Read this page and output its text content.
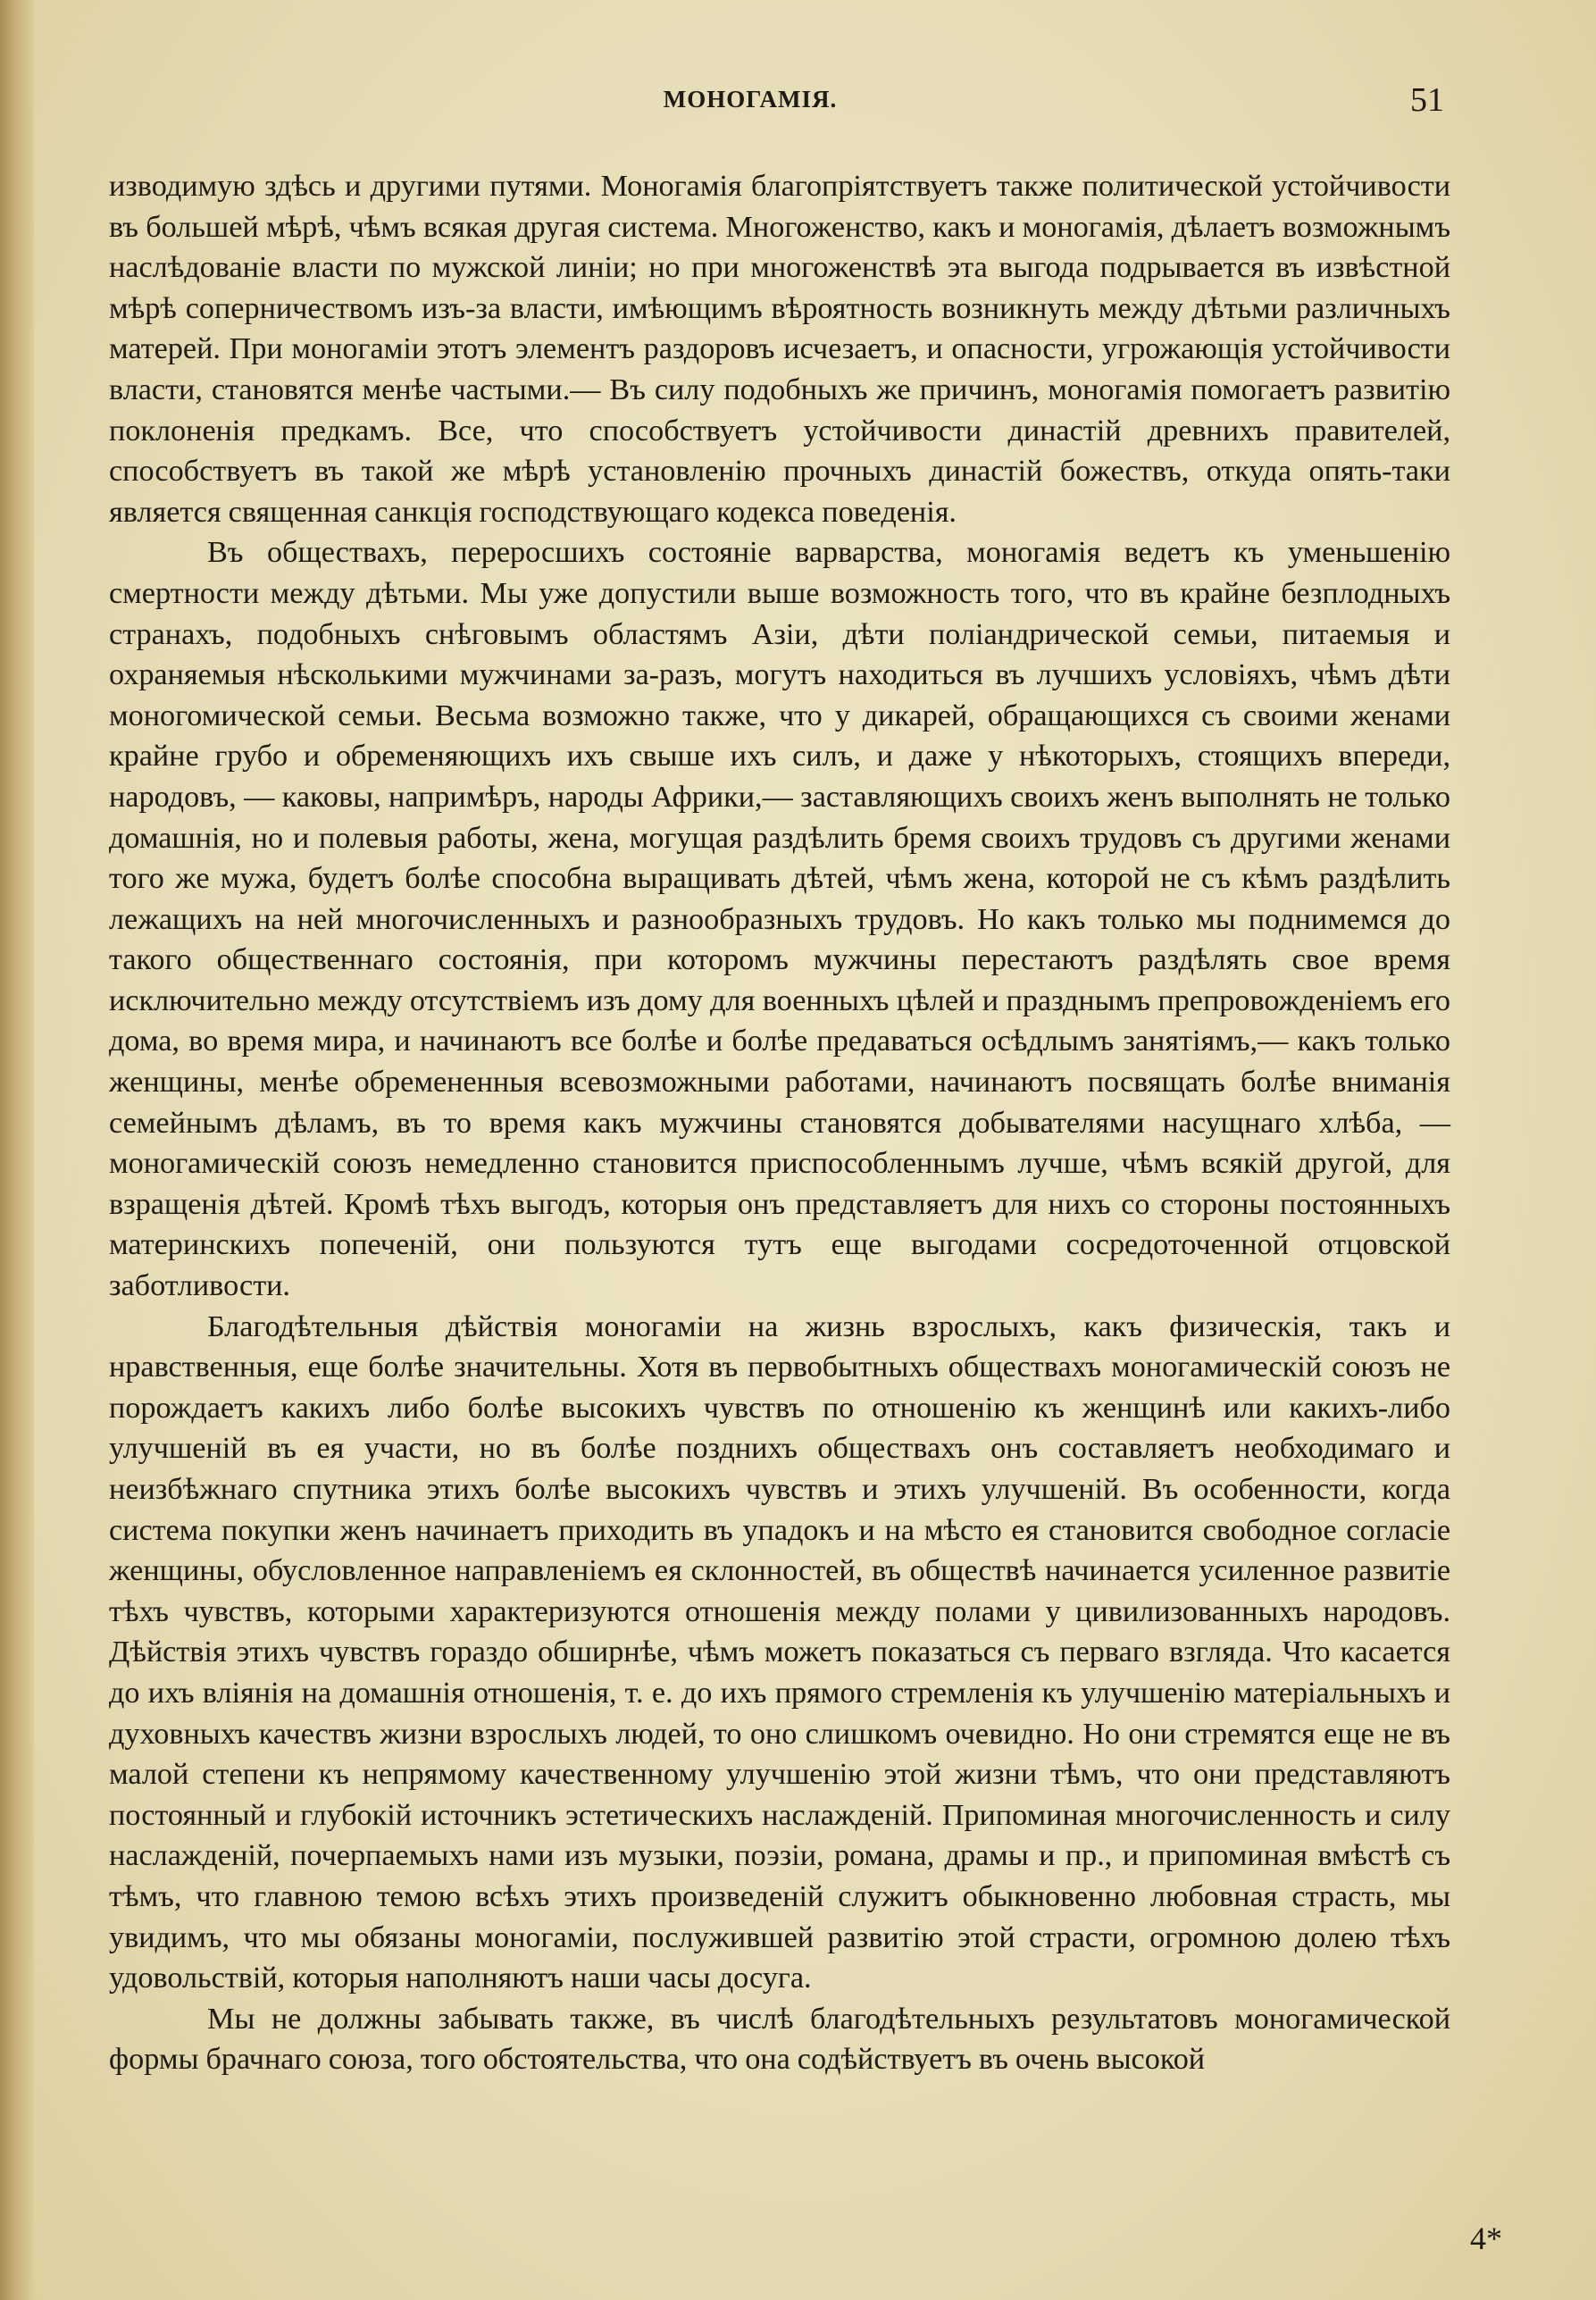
МОНОГАМІЯ.	51

изводимую здѣсь и другими путями. Моногамія благопріятствуетъ также политической устойчивости въ большей мѣрѣ, чѣмъ всякая другая система. Многоженство, какъ и моногамія, дѣлаетъ возможнымъ наслѣдованіе власти по мужской линіи; но при многоженствѣ эта выгода подрывается въ извѣстной мѣрѣ соперничествомъ изъ-за власти, имѣющимъ вѣроятность возникнуть между дѣтьми различныхъ матерей. При моногаміи этотъ элементъ раздоровъ исчезаетъ, и опасности, угрожающія устойчивости власти, становятся менѣе частыми.— Въ силу подобныхъ же причинъ, моногамія помогаетъ развитію поклоненія предкамъ. Все, что способствуетъ устойчивости династій древнихъ правителей, способствуетъ въ такой же мѣрѣ установленію прочныхъ династій божествъ, откуда опять-таки является священная санкція господствующаго кодекса поведенія.

Въ обществахъ, переросшихъ состояніе варварства, моногамія ведетъ къ уменьшенію смертности между дѣтьми. Мы уже допустили выше возможность того, что въ крайне безплодныхъ странахъ, подобныхъ снѣговымъ областямъ Азіи, дѣти поліандрической семьи, питаемыя и охраняемыя нѣсколькими мужчинами за-разъ, могутъ находиться въ лучшихъ условіяхъ, чѣмъ дѣти моногомической семьи. Весьма возможно также, что у дикарей, обращающихся съ своими женами крайне грубо и обременяющихъ ихъ свыше ихъ силъ, и даже у нѣкоторыхъ, стоящихъ впереди, народовъ, — каковы, напримѣръ, народы Африки,— заставляющихъ своихъ женъ выполнять не только домашнія, но и полевыя работы, жена, могущая раздѣлить бремя своихъ трудовъ съ другими женами того же мужа, будетъ болѣе способна выращивать дѣтей, чѣмъ жена, которой не съ кѣмъ раздѣлить лежащихъ на ней многочисленныхъ и разнообразныхъ трудовъ. Но какъ только мы поднимемся до такого общественнаго состоянія, при которомъ мужчины перестаютъ раздѣлять свое время исключительно между отсутствіемъ изъ дому для военныхъ цѣлей и празднымъ препровожденіемъ его дома, во время мира, и начинаютъ все болѣе и болѣе предаваться осѣдлымъ занятіямъ,— какъ только женщины, менѣе обремененныя всевозможными работами, начинаютъ посвящать болѣе вниманія семейнымъ дѣламъ, въ то время какъ мужчины становятся добывателями насущнаго хлѣба, — моногамическій союзъ немедленно становится приспособленнымъ лучше, чѣмъ всякій другой, для взращенія дѣтей. Кромѣ тѣхъ выгодъ, которыя онъ представляетъ для нихъ со стороны постоянныхъ материнскихъ попеченій, они пользуются тутъ еще выгодами сосредоточенной отцовской заботливости.

Благодѣтельныя дѣйствія моногаміи на жизнь взрослыхъ, какъ физическія, такъ и нравственныя, еще болѣе значительны. Хотя въ первобытныхъ обществахъ моногамическій союзъ не порождаетъ какихъ либо болѣе высокихъ чувствъ по отношенію къ женщинѣ или какихъ-либо улучшеній въ ея участи, но въ болѣе позднихъ обществахъ онъ составляетъ необходимаго и неизбѣжнаго спутника этихъ болѣе высокихъ чувствъ и этихъ улучшеній. Въ особенности, когда система покупки женъ начинаетъ приходить въ упадокъ и на мѣсто ея становится свободное согласіе женщины, обусловленное направленіемъ ея склонностей, въ обществѣ начинается усиленное развитіе тѣхъ чувствъ, которыми характеризуются отношенія между полами у цивилизованныхъ народовъ. Дѣйствія этихъ чувствъ гораздо обширнѣе, чѣмъ можетъ показаться съ перваго взгляда. Что касается до ихъ вліянія на домашнія отношенія, т. е. до ихъ прямого стремленія къ улучшенію матеріальныхъ и духовныхъ качествъ жизни взрослыхъ людей, то оно слишкомъ очевидно. Но они стремятся еще не въ малой степени къ непрямому качественному улучшенію этой жизни тѣмъ, что они представляютъ постоянный и глубокій источникъ эстетическихъ наслажденій. Припоминая многочисленность и силу наслажденій, почерпаемыхъ нами изъ музыки, поэзіи, романа, драмы и пр., и припоминая вмѣстѣ съ тѣмъ, что главною темою всѣхъ этихъ произведеній служитъ обыкновенно любовная страсть, мы увидимъ, что мы обязаны моногаміи, послужившей развитію этой страсти, огромною долею тѣхъ удовольствій, которыя наполняютъ наши часы досуга.

Мы не должны забывать также, въ числѣ благодѣтельныхъ результатовъ моногамической формы брачнаго союза, того обстоятельства, что она содѣйствуетъ въ очень высокой

4*
